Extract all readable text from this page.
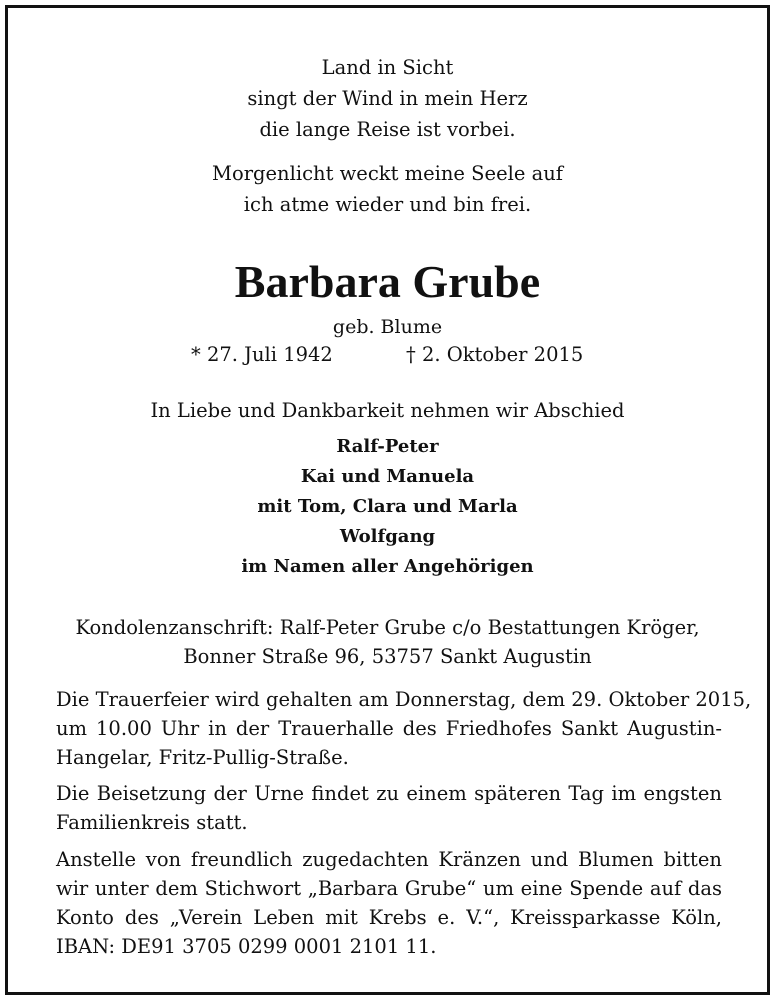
Land in Sicht
singt der Wind in mein Herz
die lange Reise ist vorbei.
Morgenlicht weckt meine Seele auf
ich atme wieder und bin frei.
Barbara Grube
geb. Blume
* 27. Juli 1942	† 2. Oktober 2015
In Liebe und Dankbarkeit nehmen wir Abschied
Ralf-Peter
Kai und Manuela
mit Tom, Clara und Marla
Wolfgang
im Namen aller Angehörigen
Kondolenzanschrift: Ralf-Peter Grube c/o Bestattungen Kröger,
Bonner Straße 96, 53757 Sankt Augustin
Die Trauerfeier wird gehalten am Donnerstag, dem 29. Oktober 2015,
um 10.00 Uhr in der Trauerhalle des Friedhofes Sankt Augustin-
Hangelar, Fritz-Pullig-Straße.
Die Beisetzung der Urne findet zu einem späteren Tag im engsten
Familienkreis statt.
Anstelle von freundlich zugedachten Kränzen und Blumen bitten
wir unter dem Stichwort „Barbara Grube“ um eine Spende auf das
Konto des „Verein Leben mit Krebs e. V.“, Kreissparkasse Köln,
IBAN: DE91 3705 0299 0001 2101 11.
